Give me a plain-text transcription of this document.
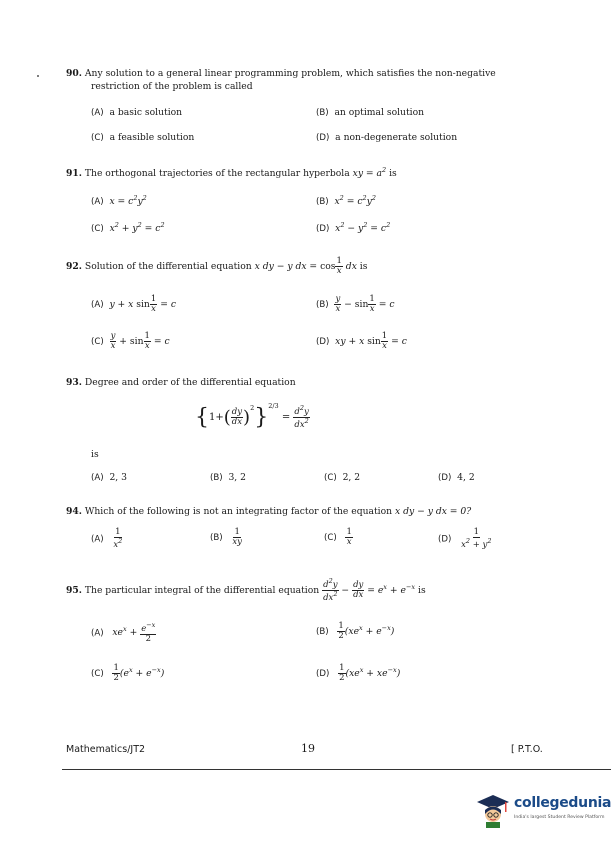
90. Any solution to a general linear programming problem, which satisfies the non-negative
restriction of the problem is called
(A) a basic solution	(B) an optimal solution
(C) a feasible solution	(D) a non-degenerate solution
91. The orthogonal trajectories of the rectangular hyperbola xy = $a^2$ is
(A) $x = c^2y^2$	(B) $x^2 = c^2y^2$
(C) $x^2 + y^2 = c^2$	(D) $x^2 - y^2 = c^2$
92. Solution of the differential equation x dy − y dx = $\cos \frac{1}{x}$ dx is
(A) y + x $\sin \frac{1}{x} = c$	$(B) \frac{y}{x} - \sin \frac{1}{x} = c$
$(C) \frac{y}{x} + \sin \frac{1}{x} = c$	(D) xy + x $\sin \frac{1}{x} = c$
93. Degree and order of the differential equation
$\{1+( \frac{dy}{dx} )^2\}^{2/3} = \frac{d^2y}{dx^2}$
is
(A) 2, 3	(B) 3, 2	(C) 2, 2	(D) 4, 2
94. Which of the following is not an integrating factor of the equation x dy − y dx = 0?
$(A) \frac{1}{x^2}$	$(B) \frac{1}{xy}$	$(C) \frac{1}{x}$	$(D) \frac{1}{x^2 + y^2}$
95. The particular integral of the differential equation $\frac{d^2y}{dx^2} - \frac{dy}{dx} = e^x + e^{-x}$ is
(A) $xe^x + \frac{e^{-x}}{2}$	$(B) \frac{1}{2} (xe^x + e^{-x})$
$(C) \frac{1}{2} (e^x + e^{-x})$	$(D) \frac{1}{2} (xe^x + xe^{-x})$
Mathematics/JT2	19	[ P.T.O.
collegedunia
India's largest Student Review Platform
